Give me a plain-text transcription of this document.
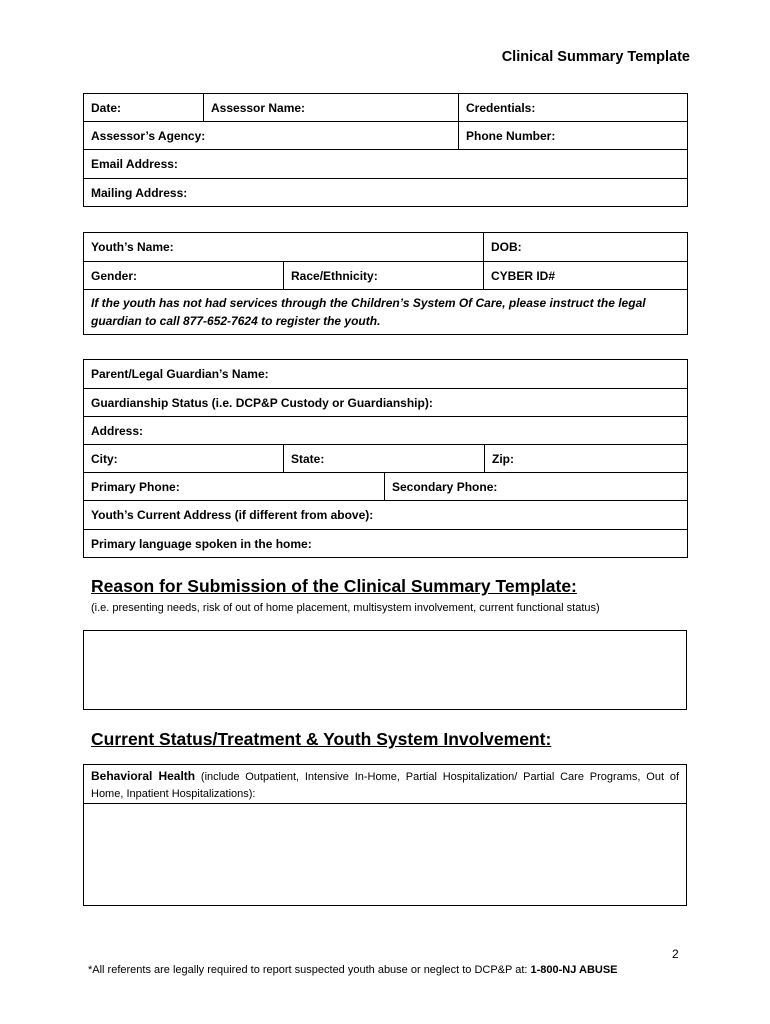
Clinical Summary Template
Date:	Assessor Name:	Credentials:
Assessor’s Agency:		Phone Number:
Email Address:		
Mailing Address:		
Youth’s Name:		DOB:
Gender:	Race/Ethnicity:	CYBER ID#
If the youth has not had services through the Children’s System Of Care, please instruct the legal guardian to call 877-652-7624 to register the youth.		
Parent/Legal Guardian’s Name:			
Guardianship Status (i.e. DCP&P Custody or Guardianship):			
Address:			
City:	State:		Zip:
Primary Phone:		Secondary Phone:	
Youth’s Current Address (if different from above):			
Primary language spoken in the home:			
Reason for Submission of the Clinical Summary Template:
(i.e. presenting needs, risk of out of home placement, multisystem involvement, current functional status)
Current Status/Treatment & Youth System Involvement:
Behavioral Health (include Outpatient, Intensive In-Home, Partial Hospitalization/ Partial Care Programs, Out of Home, Inpatient Hospitalizations):
2
*All referents are legally required to report suspected youth abuse or neglect to DCP&P at: 1-800-NJ ABUSE
